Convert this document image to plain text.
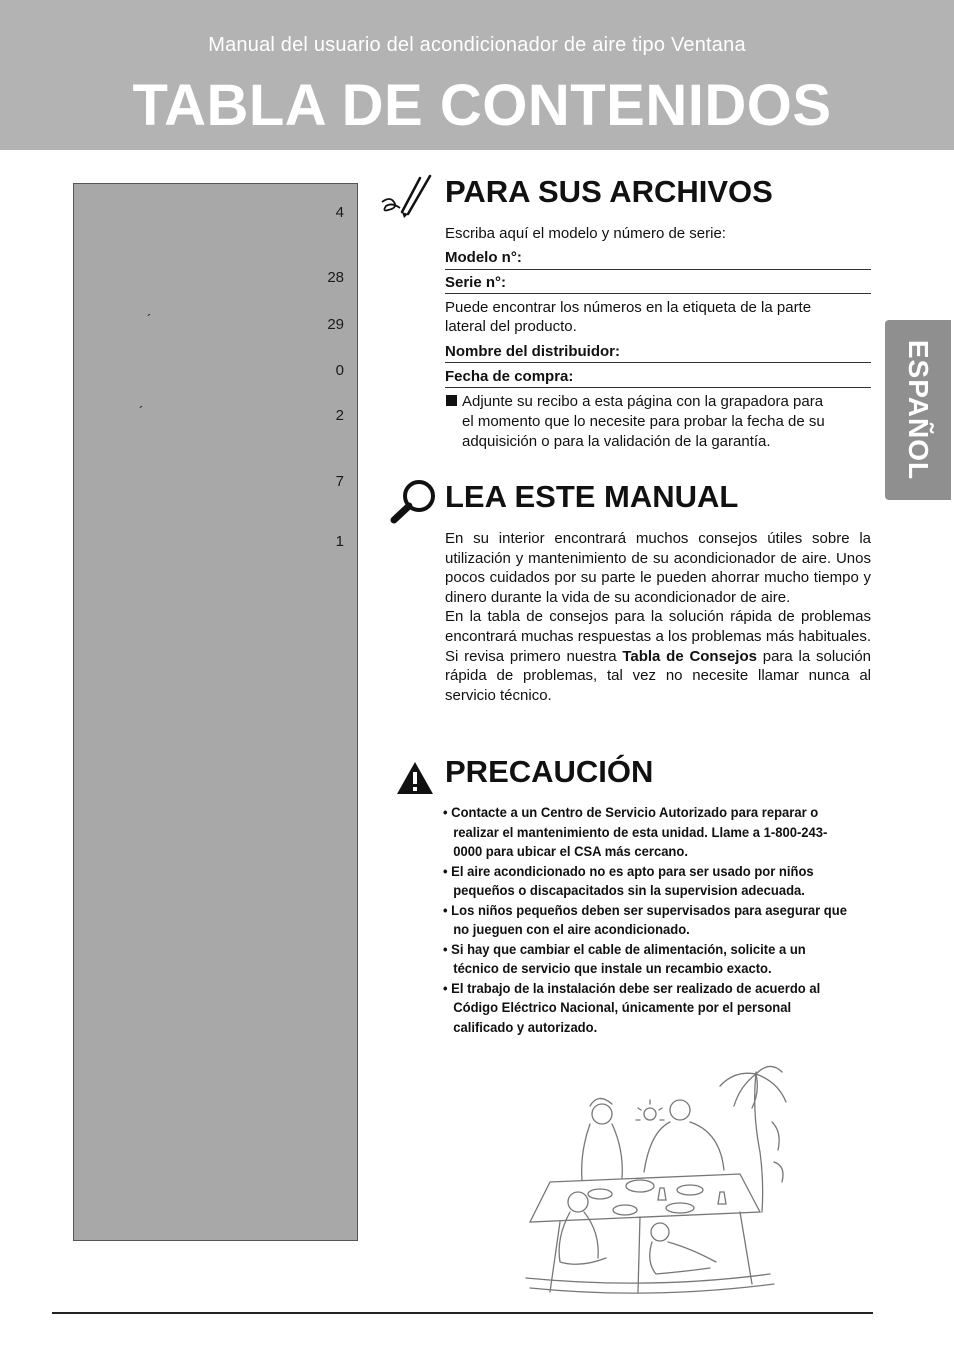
Manual del usuario del acondicionador de aire tipo Ventana
TABLA DE CONTENIDOS
4
28
´	29
0
´	2
7
1
ESPAÑOL
PARA SUS ARCHIVOS
Escriba aquí el modelo y número de serie:
Modelo n°:
Serie n°:
Puede encontrar los números en la etiqueta de la parte
lateral del producto.
Nombre del distribuidor:
Fecha de compra:
Adjunte su recibo a esta página con la grapadora para
el momento que lo necesite para probar la fecha de su
adquisición o para la validación de la garantía.
LEA ESTE MANUAL

En su interior encontrará muchos consejos útiles sobre la utilización y mantenimiento de su acondicionador de aire. Unos pocos cuidados por su parte le pueden ahorrar mucho tiempo y dinero durante la vida de su acondicionador de aire.

En la tabla de consejos para la solución rápida de problemas encontrará muchas respuestas a los problemas más habituales. Si revisa primero nuestra Tabla de Consejos para la solución rápida de problemas, tal vez no necesite llamar nunca al servicio técnico.

PRECAUCIÓN
• Contacte a un Centro de Servicio Autorizado para reparar o realizar el mantenimiento de esta unidad. Llame a 1-800-243-0000 para ubicar el CSA más cercano.
• El aire acondicionado no es apto para ser usado por niños pequeños o discapacitados sin la supervision adecuada.
• Los niños pequeños deben ser supervisados para asegurar que no jueguen con el aire acondicionado.
• Si hay que cambiar el cable de alimentación, solicite a un técnico de servicio que instale un recambio exacto.
• El trabajo de la instalación debe ser realizado de acuerdo al Código Eléctrico Nacional, únicamente por el personal calificado y autorizado.
